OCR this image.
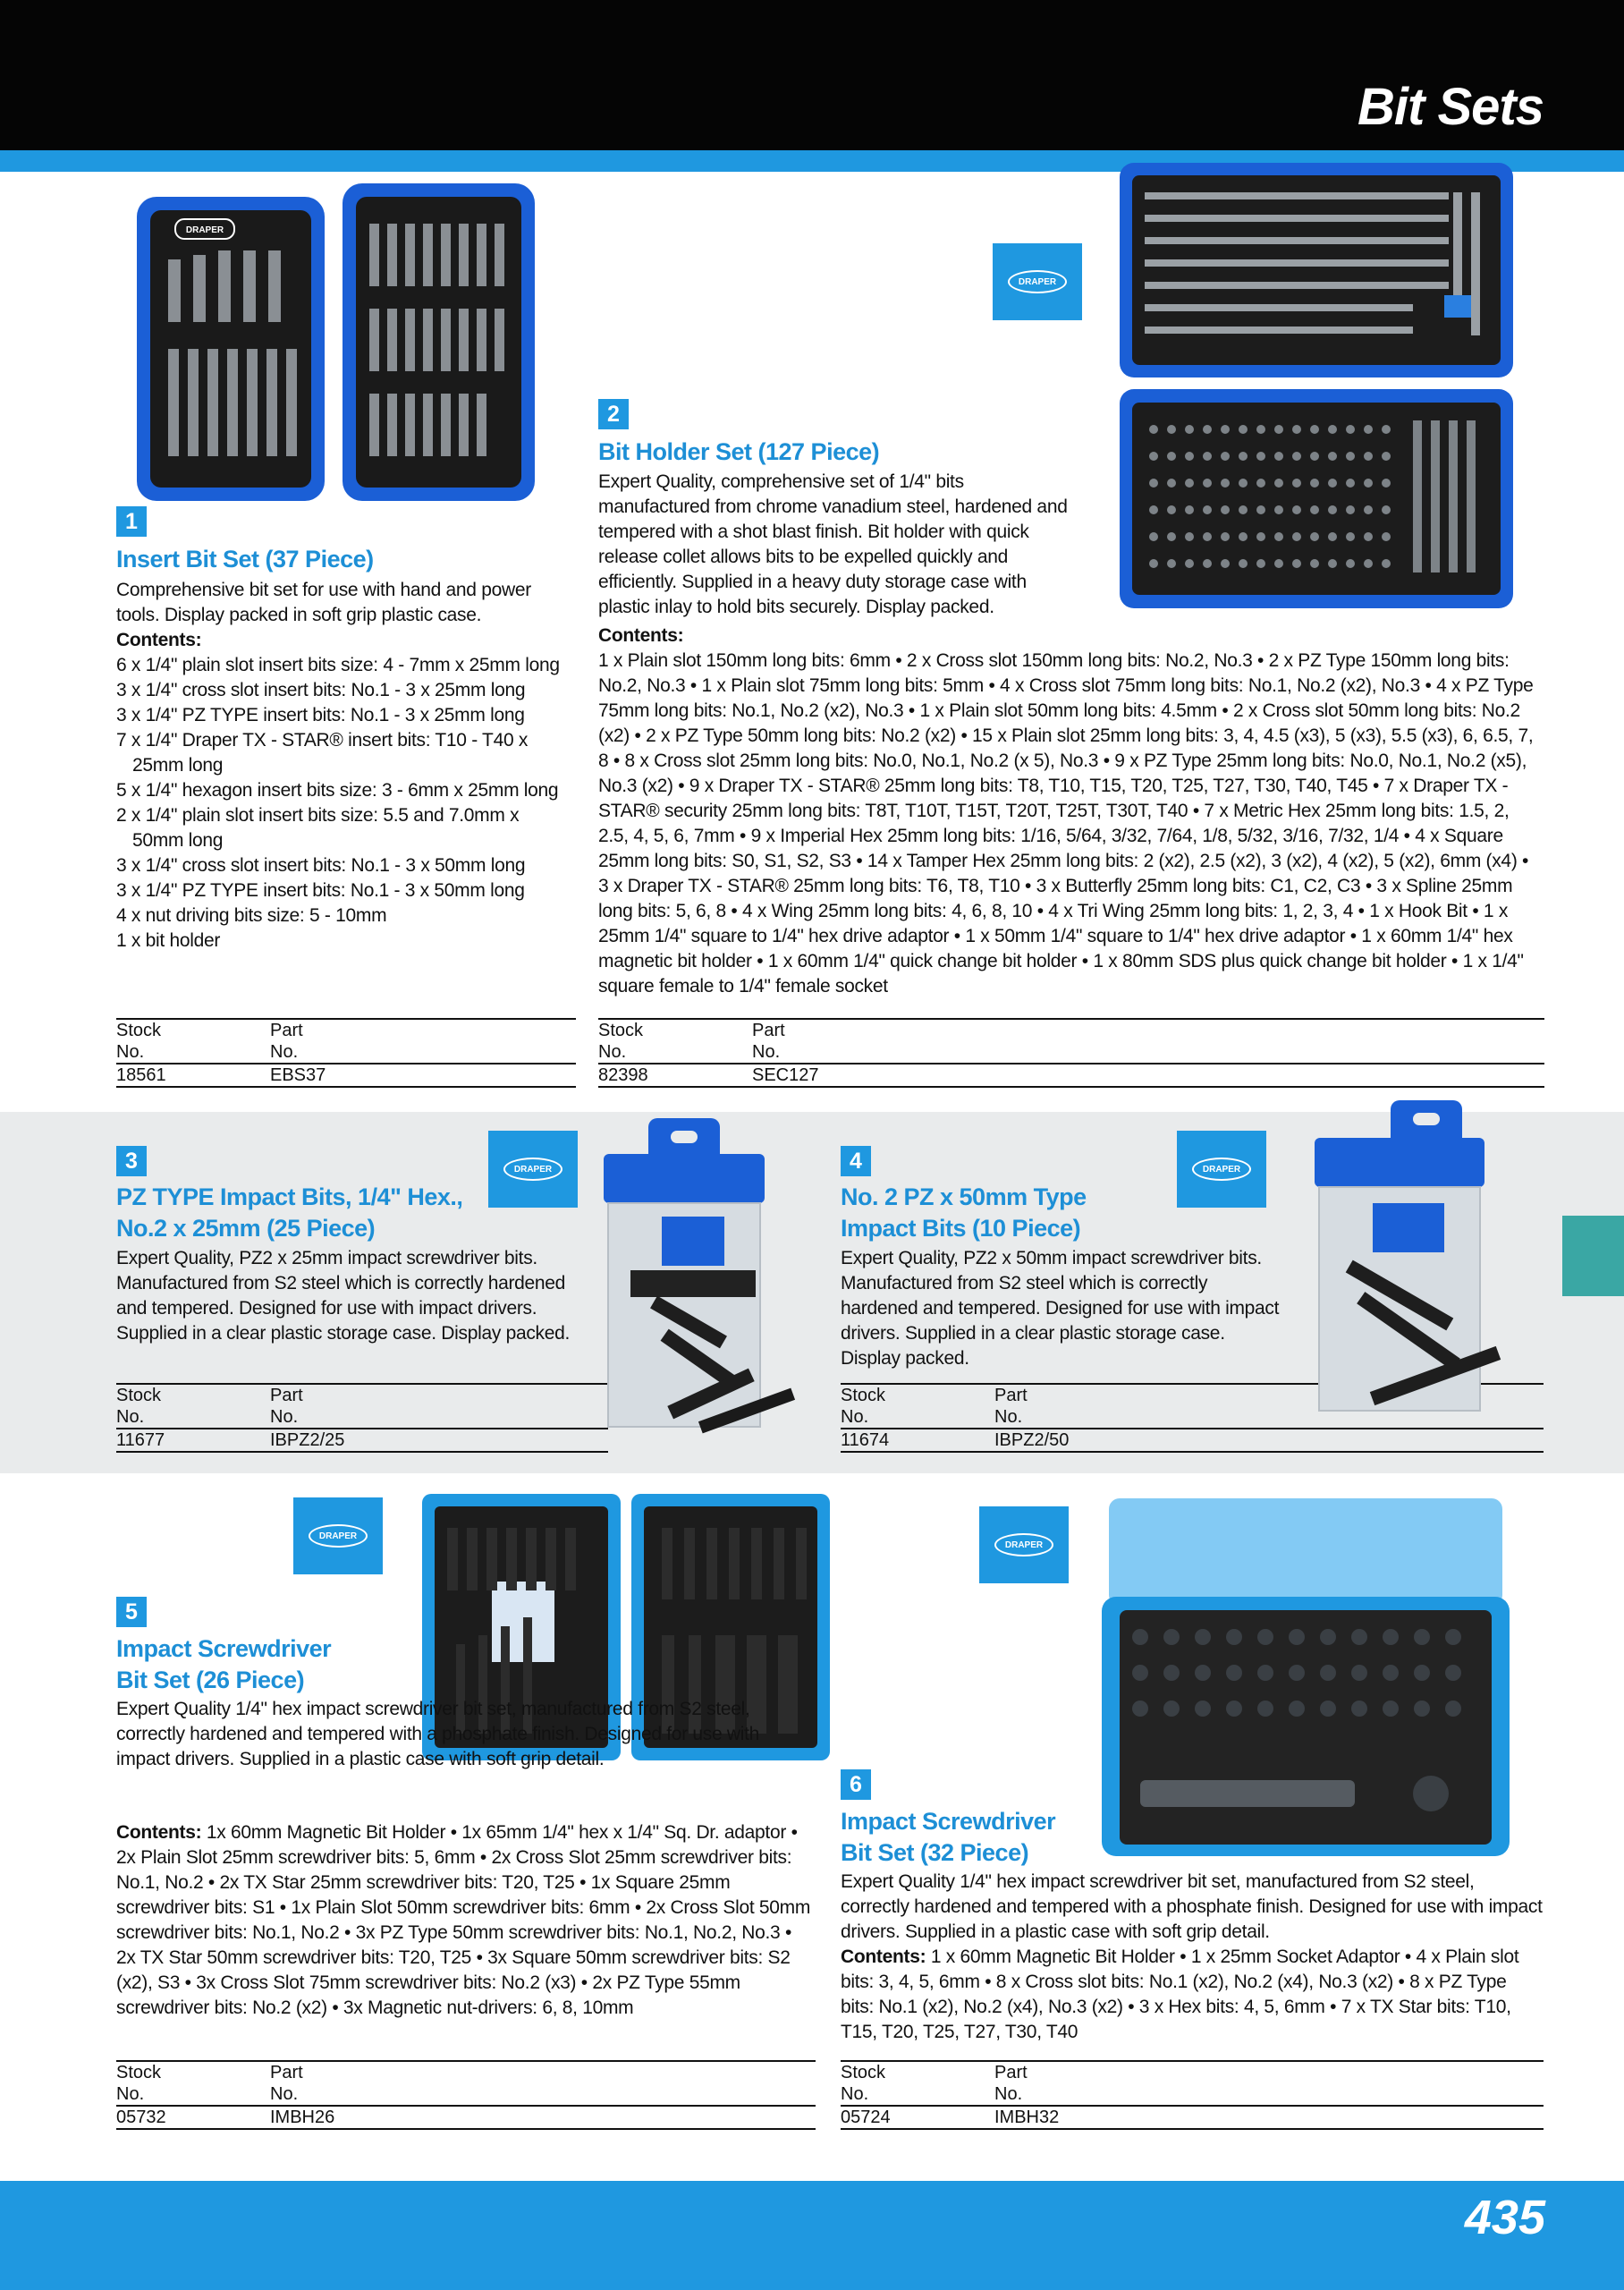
Bit Sets
DRAPER
1
Insert Bit Set (37 Piece)
Comprehensive bit set for use with hand and power tools. Display packed in soft grip plastic case.
Contents:
6 x 1/4" plain slot insert bits size: 4 - 7mm x 25mm long
3 x 1/4" cross slot insert bits: No.1 - 3 x 25mm long
3 x 1/4" PZ TYPE insert bits: No.1 - 3 x 25mm long
7 x 1/4" Draper TX - STAR® insert bits: T10 - T40 x 25mm long
5 x 1/4" hexagon insert bits size: 3 - 6mm x 25mm long
2 x 1/4" plain slot insert bits size: 5.5 and 7.0mm x 50mm long
3 x 1/4" cross slot insert bits: No.1 - 3 x 50mm long
3 x 1/4" PZ TYPE insert bits: No.1 - 3 x 50mm long
4 x nut driving bits size: 5 - 10mm
1 x bit holder
Stock	Part
No.	No.
18561	EBS37
DRAPER
2
Bit Holder Set (127 Piece)
Expert Quality, comprehensive set of 1/4" bits manufactured from chrome vanadium steel, hardened and tempered with a shot blast finish. Bit holder with quick release collet allows bits to be expelled quickly and efficiently. Supplied in a heavy duty storage case with plastic inlay to hold bits securely. Display packed.
Contents:
1 x Plain slot 150mm long bits: 6mm • 2 x Cross slot 150mm long bits: No.2, No.3 • 2 x PZ Type 150mm long bits: No.2, No.3 • 1 x Plain slot 75mm long bits: 5mm • 4 x Cross slot 75mm long bits: No.1, No.2 (x2), No.3 • 4 x PZ Type 75mm long bits: No.1, No.2 (x2), No.3 • 1 x Plain slot 50mm long bits: 4.5mm • 2 x Cross slot 50mm long bits: No.2 (x2) • 2 x PZ Type 50mm long bits: No.2 (x2) • 15 x Plain slot 25mm long bits: 3, 4, 4.5 (x3), 5 (x3), 5.5 (x3), 6, 6.5, 7, 8 • 8 x Cross slot 25mm long bits: No.0, No.1, No.2 (x 5), No.3 • 9 x PZ Type 25mm long bits: No.0, No.1, No.2 (x5), No.3 (x2) • 9 x Draper TX - STAR® 25mm long bits: T8, T10, T15, T20, T25, T27, T30, T40, T45 • 7 x Draper TX - STAR® security 25mm long bits: T8T, T10T, T15T, T20T, T25T, T30T, T40 • 7 x Metric Hex 25mm long bits: 1.5, 2, 2.5, 4, 5, 6, 7mm • 9 x Imperial Hex 25mm long bits: 1/16, 5/64, 3/32, 7/64, 1/8, 5/32, 3/16, 7/32, 1/4 • 4 x Square 25mm long bits: S0, S1, S2, S3 • 14 x Tamper Hex 25mm long bits: 2 (x2), 2.5 (x2), 3 (x2), 4 (x2), 5 (x2), 6mm (x4) • 3 x Draper TX - STAR® 25mm long bits: T6, T8, T10 • 3 x Butterfly 25mm long bits: C1, C2, C3 • 3 x Spline 25mm long bits: 5, 6, 8 • 4 x Wing 25mm long bits: 4, 6, 8, 10 • 4 x Tri Wing 25mm long bits: 1, 2, 3, 4 • 1 x Hook Bit • 1 x 25mm 1/4" square to 1/4" hex drive adaptor • 1 x 50mm 1/4" square to 1/4" hex drive adaptor • 1 x 60mm 1/4" hex magnetic bit holder • 1 x 60mm 1/4" quick change bit holder • 1 x 80mm SDS plus quick change bit holder • 1 x 1/4" square female to 1/4" female socket
Stock	Part
No.	No.
82398	SEC127
3
PZ TYPE Impact Bits, 1/4" Hex.,
No.2 x 25mm (25 Piece)
DRAPER
Expert Quality, PZ2 x 25mm impact screwdriver bits. Manufactured from S2 steel which is correctly hardened and tempered. Designed for use with impact drivers. Supplied in a clear plastic storage case. Display packed.
Stock	Part
No.	No.
11677	IBPZ2/25
4
No. 2 PZ x 50mm Type
Impact Bits (10 Piece)
DRAPER
Expert Quality, PZ2 x 50mm impact screwdriver bits. Manufactured from S2 steel which is correctly hardened and tempered. Designed for use with impact drivers. Supplied in a clear plastic storage case. Display packed.
Stock	Part
No.	No.
11674	IBPZ2/50
DRAPER
5
Impact Screwdriver
Bit Set (26 Piece)
Expert Quality 1/4" hex impact screwdriver bit set, manufactured from S2 steel, correctly hardened and tempered with a phosphate finish. Designed for use with impact drivers. Supplied in a plastic case with soft grip detail.
Contents: 1x 60mm Magnetic Bit Holder • 1x 65mm 1/4" hex x 1/4" Sq. Dr. adaptor • 2x Plain Slot 25mm screwdriver bits: 5, 6mm • 2x Cross Slot 25mm screwdriver bits: No.1, No.2 • 2x TX Star 25mm screwdriver bits: T20, T25 • 1x Square 25mm screwdriver bits: S1 • 1x Plain Slot 50mm screwdriver bits: 6mm • 2x Cross Slot 50mm screwdriver bits: No.1, No.2 • 3x PZ Type 50mm screwdriver bits: No.1, No.2, No.3 • 2x TX Star 50mm screwdriver bits: T20, T25 • 3x Square 50mm screwdriver bits: S2 (x2), S3 • 3x Cross Slot 75mm screwdriver bits: No.2 (x3) • 2x PZ Type 55mm screwdriver bits: No.2 (x2) • 3x Magnetic nut-drivers: 6, 8, 10mm
Stock	Part
No.	No.
05732	IMBH26
DRAPER
6
Impact Screwdriver
Bit Set (32 Piece)
Expert Quality 1/4" hex impact screwdriver bit set, manufactured from S2 steel, correctly hardened and tempered with a phosphate finish. Designed for use with impact drivers. Supplied in a plastic case with soft grip detail.
Contents: 1 x 60mm Magnetic Bit Holder • 1 x 25mm Socket Adaptor • 4 x Plain slot bits: 3, 4, 5, 6mm • 8 x Cross slot bits: No.1 (x2), No.2 (x4), No.3 (x2) • 8 x PZ Type bits: No.1 (x2), No.2 (x4), No.3 (x2) • 3 x Hex bits: 4, 5, 6mm • 7 x TX Star bits: T10, T15, T20, T25, T27, T30, T40
Stock	Part
No.	No.
05724	IMBH32
435
